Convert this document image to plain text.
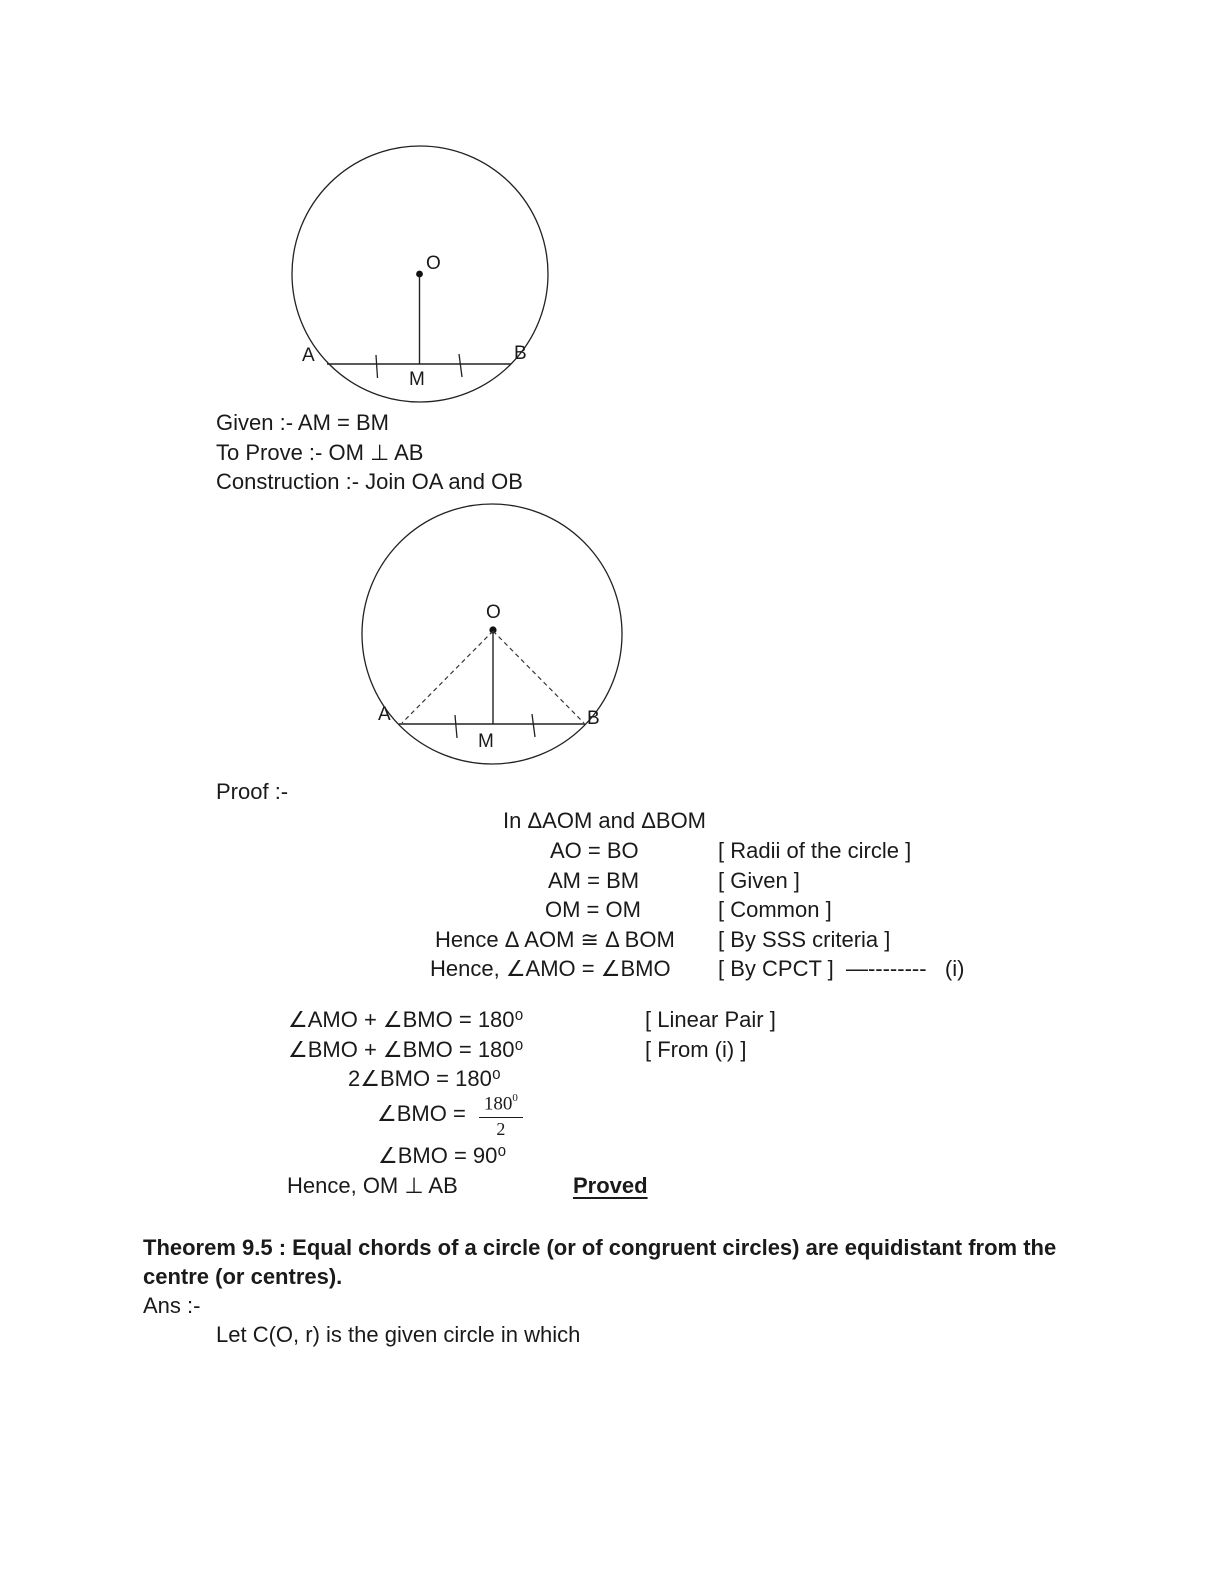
O
A	B
M
Given :- AM = BM
To Prove :- OM ⊥ AB
Construction :- Join OA and OB
O
A	B
M
Proof :-
In ΔAOM and ΔBOM
AO = BO	[ Radii of the circle ]
AM = BM	[ Given ]
OM = OM	[ Common ]
Hence Δ AOM ≅ Δ BOM [ By SSS criteria ]
Hence, ∠AMO = ∠BMO [ By CPCT ]  —--------   (i)
∠AMO + ∠BMO = 180⁰	[ Linear Pair ]
∠BMO + ∠BMO = 180⁰	[ From (i) ]
2∠BMO = 180⁰
∠BMO = $\frac{180^0}{2}$
∠BMO = 90⁰
Hence, OM ⊥ AB	Proved
Theorem 9.5 : Equal chords of a circle (or of congruent circles) are equidistant from the
centre (or centres).
Ans :-
Let C(O, r) is the given circle in which
